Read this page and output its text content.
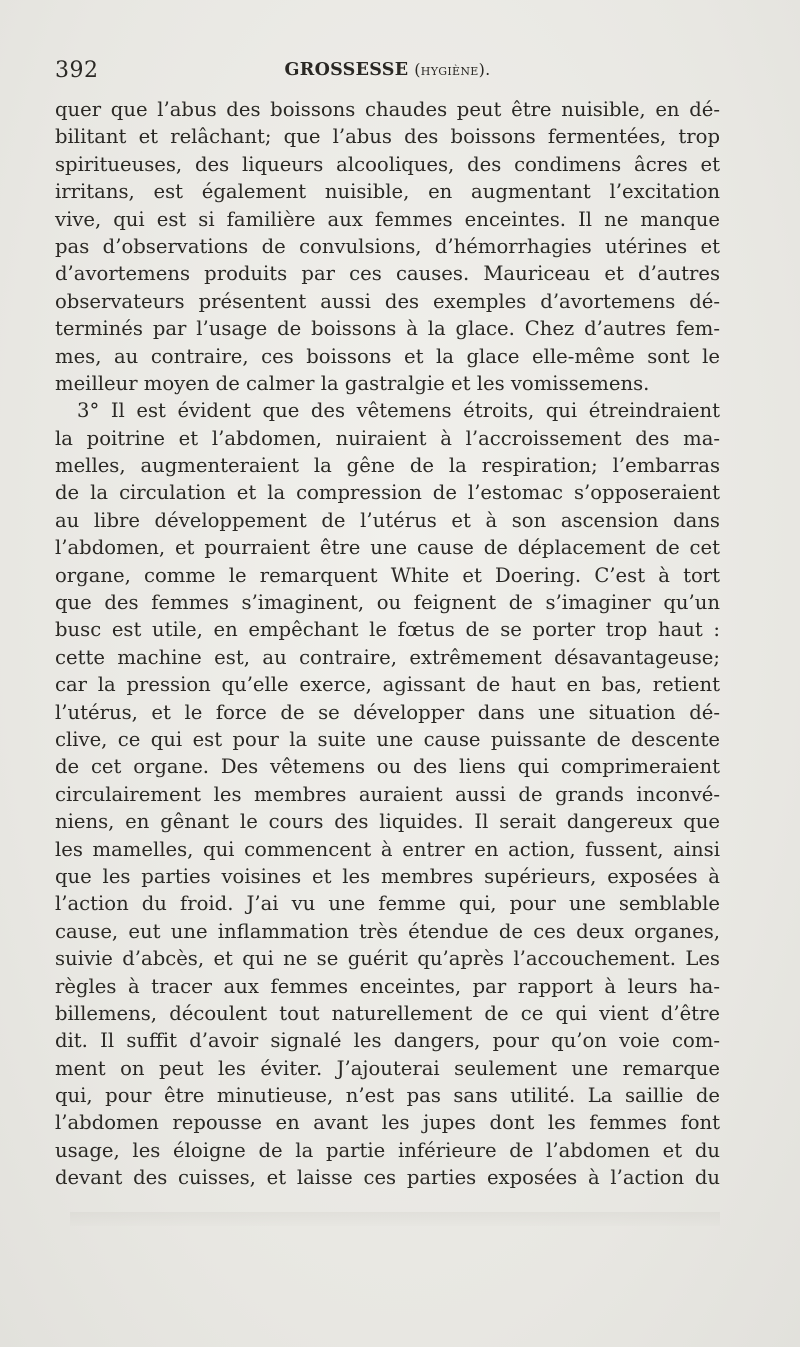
392	GROSSESSE (hygiène).
quer que l’abus des boissons chaudes peut être nuisible, en dé-
bilitant et relâchant; que l’abus des boissons fermentées, trop
spiritueuses, des liqueurs alcooliques, des condimens âcres et
irritans, est également nuisible, en augmentant l’excitation
vive, qui est si familière aux femmes enceintes. Il ne manque
pas d’observations de convulsions, d’hémorrhagies utérines et
d’avortemens produits par ces causes. Mauriceau et d’autres
observateurs présentent aussi des exemples d’avortemens dé-
terminés par l’usage de boissons à la glace. Chez d’autres fem-
mes, au contraire, ces boissons et la glace elle-même sont le
meilleur moyen de calmer la gastralgie et les vomissemens.
3° Il est évident que des vêtemens étroits, qui étreindraient
la poitrine et l’abdomen, nuiraient à l’accroissement des ma-
melles, augmenteraient la gêne de la respiration; l’embarras
de la circulation et la compression de l’estomac s’opposeraient
au libre développement de l’utérus et à son ascension dans
l’abdomen, et pourraient être une cause de déplacement de cet
organe, comme le remarquent White et Doering. C’est à tort
que des femmes s’imaginent, ou feignent de s’imaginer qu’un
busc est utile, en empêchant le fœtus de se porter trop haut :
cette machine est, au contraire, extrêmement désavantageuse;
car la pression qu’elle exerce, agissant de haut en bas, retient
l’utérus, et le force de se développer dans une situation dé-
clive, ce qui est pour la suite une cause puissante de descente
de cet organe. Des vêtemens ou des liens qui comprimeraient
circulairement les membres auraient aussi de grands inconvé-
niens, en gênant le cours des liquides. Il serait dangereux que
les mamelles, qui commencent à entrer en action, fussent, ainsi
que les parties voisines et les membres supérieurs, exposées à
l’action du froid. J’ai vu une femme qui, pour une semblable
cause, eut une inflammation très étendue de ces deux organes,
suivie d’abcès, et qui ne se guérit qu’après l’accouchement. Les
règles à tracer aux femmes enceintes, par rapport à leurs ha-
billemens, découlent tout naturellement de ce qui vient d’être
dit. Il suffit d’avoir signalé les dangers, pour qu’on voie com-
ment on peut les éviter. J’ajouterai seulement une remarque
qui, pour être minutieuse, n’est pas sans utilité. La saillie de
l’abdomen repousse en avant les jupes dont les femmes font
usage, les éloigne de la partie inférieure de l’abdomen et du
devant des cuisses, et laisse ces parties exposées à l’action du
